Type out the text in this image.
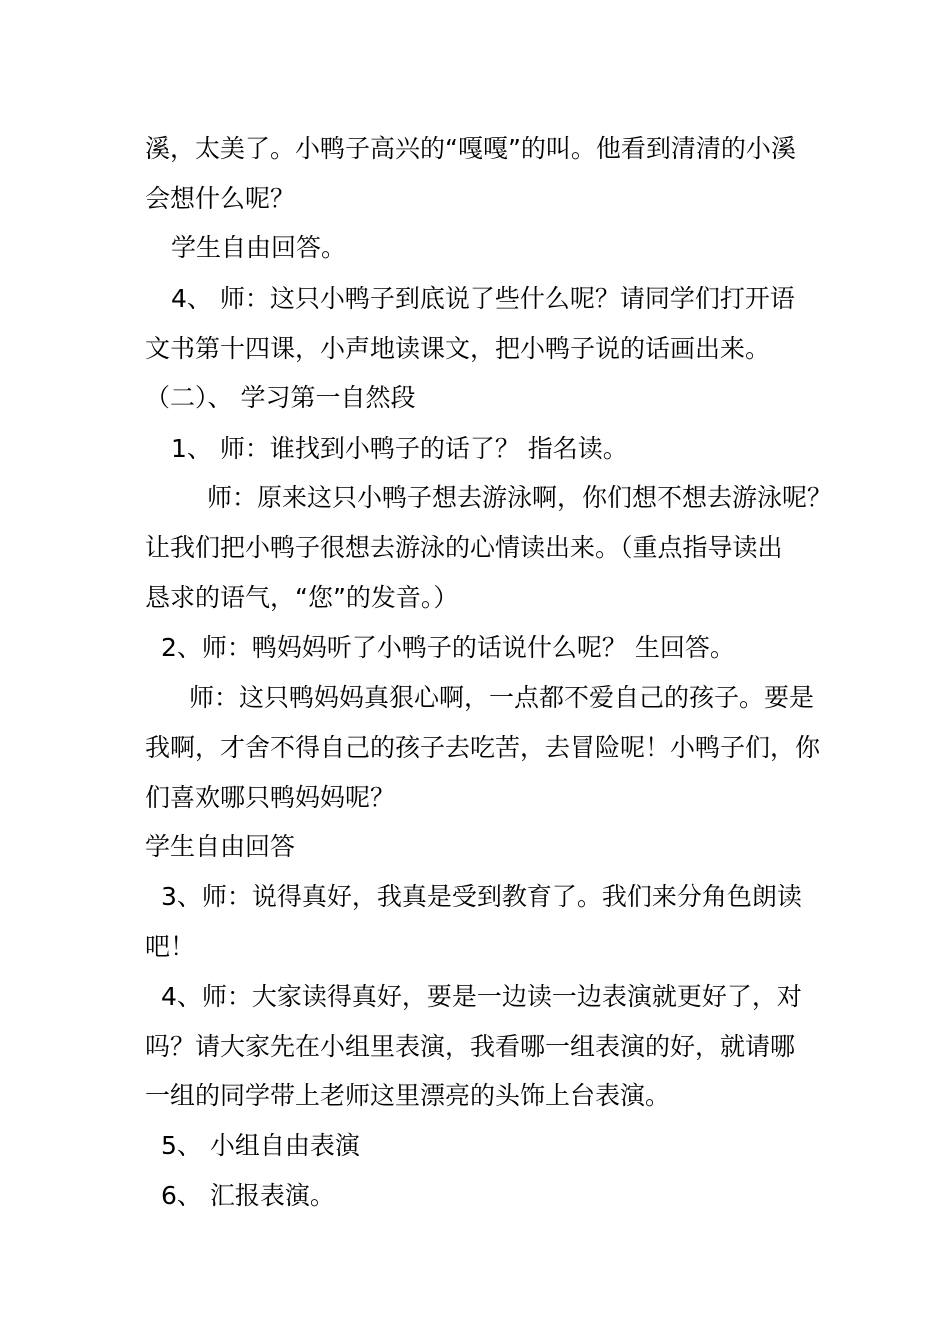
溪，太美了。小鸭子高兴的“嘎嘎”的叫。他看到清清的小溪
会想什么呢？
学生自由回答。
4、 师：这只小鸭子到底说了些什么呢？请同学们打开语
文书第十四课，小声地读课文，把小鸭子说的话画出来。
（二）、 学习第一自然段
1、 师：谁找到小鸭子的话了？ 指名读。
师：原来这只小鸭子想去游泳啊，你们想不想去游泳呢？
让我们把小鸭子很想去游泳的心情读出来。（重点指导读出
恳求的语气，“您”的发音。）
2、师：鸭妈妈听了小鸭子的话说什么呢？ 生回答。
师：这只鸭妈妈真狠心啊，一点都不爱自己的孩子。要是
我啊，才舍不得自己的孩子去吃苦，去冒险呢！小鸭子们，你
们喜欢哪只鸭妈妈呢？
学生自由回答
3、师：说得真好，我真是受到教育了。我们来分角色朗读
吧！
4、师：大家读得真好，要是一边读一边表演就更好了，对
吗？请大家先在小组里表演，我看哪一组表演的好，就请哪
一组的同学带上老师这里漂亮的头饰上台表演。
5、 小组自由表演
6、 汇报表演。
